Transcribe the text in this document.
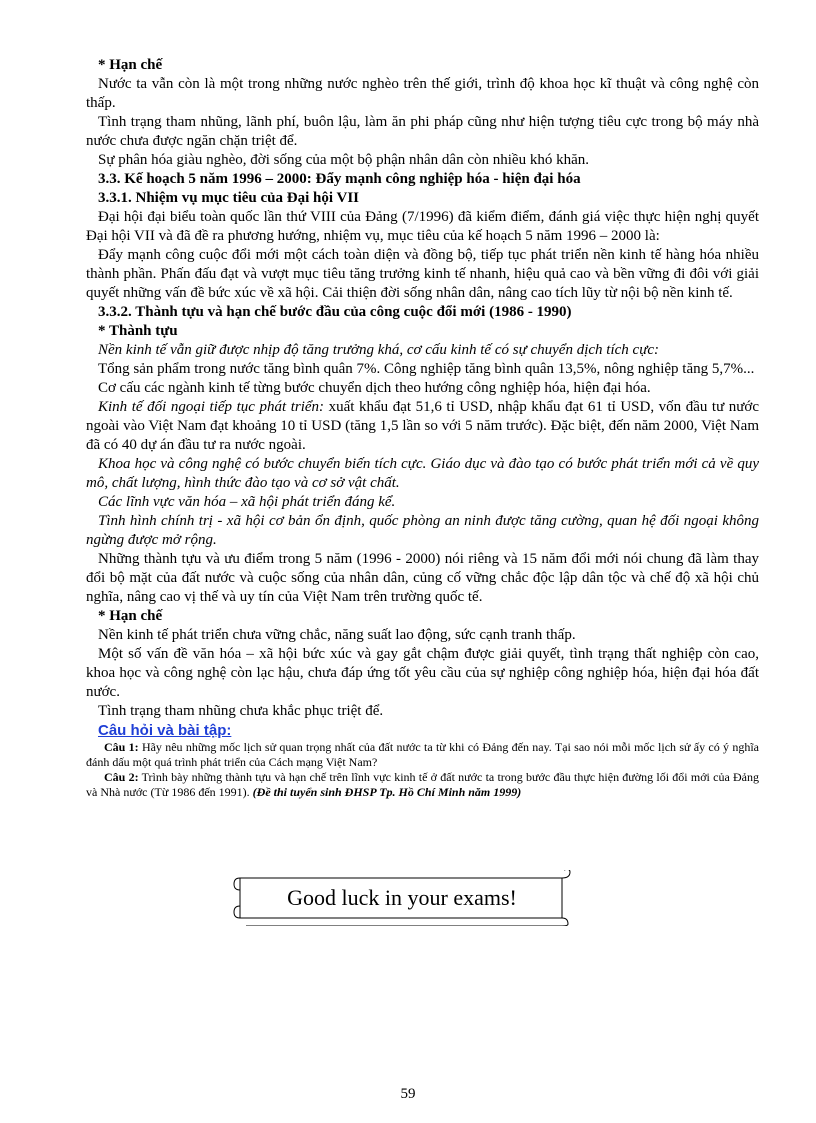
* Hạn chế

Nước ta vẫn còn là một trong những nước nghèo trên thế giới, trình độ khoa học kĩ thuật và công nghệ còn thấp.

Tình trạng tham nhũng, lãnh phí, buôn lậu, làm ăn phi pháp cũng như hiện tượng tiêu cực trong bộ máy nhà nước chưa được ngăn chặn triệt để.

Sự phân hóa giàu nghèo, đời sống của một bộ phận nhân dân còn nhiều khó khăn.

3.3. Kế hoạch 5 năm 1996 – 2000: Đẩy mạnh công nghiệp hóa - hiện đại hóa

3.3.1. Nhiệm vụ mục tiêu của Đại hội VII

Đại hội đại biểu toàn quốc lần thứ VIII của Đảng (7/1996) đã kiểm điểm, đánh giá việc thực hiện nghị quyết Đại hội VII và đã đề ra phương hướng, nhiệm vụ, mục tiêu của kế hoạch 5 năm 1996 – 2000 là:

Đẩy mạnh công cuộc đổi mới một cách toàn diện và đồng bộ, tiếp tục phát triển nền kinh tế hàng hóa nhiều thành phần. Phấn đấu đạt và vượt mục tiêu tăng trưởng kinh tế nhanh, hiệu quả cao và bền vững đi đôi với giải quyết những vấn đề bức xúc về xã hội. Cải thiện đời sống nhân dân, nâng cao tích lũy từ nội bộ nền kinh tế.

3.3.2. Thành tựu và hạn chế bước đầu của công cuộc đổi mới (1986 - 1990)

* Thành tựu

Nền kinh tế vẫn giữ được nhịp độ tăng trưởng khá, cơ cấu kinh tế có sự chuyển dịch tích cực:

Tổng sản phẩm trong nước tăng bình quân 7%. Công nghiệp tăng bình quân 13,5%, nông nghiệp tăng 5,7%...

Cơ cấu các ngành kinh tế từng bước chuyển dịch theo hướng công nghiệp hóa, hiện đại hóa.

Kinh tế đối ngoại tiếp tục phát triển: xuất khẩu đạt 51,6 tỉ USD, nhập khẩu đạt 61 tỉ USD, vốn đầu tư nước ngoài vào Việt Nam đạt khoảng 10 tỉ USD (tăng 1,5 lần so với 5 năm trước). Đặc biệt, đến năm 2000, Việt Nam đã có 40 dự án đầu tư ra nước ngoài.

Khoa học và công nghệ có bước chuyển biến tích cực. Giáo dục và đào tạo có bước phát triển mới cả về quy mô, chất lượng, hình thức đào tạo và cơ sở vật chất.

Các lĩnh vực văn hóa – xã hội phát triển đáng kể.

Tình hình chính trị - xã hội cơ bản ổn định, quốc phòng an ninh được tăng cường, quan hệ đối ngoại không ngừng được mở rộng.

Những thành tựu và ưu điểm trong 5 năm (1996 - 2000) nói riêng và 15 năm đổi mới nói chung đã làm thay đổi bộ mặt của đất nước và cuộc sống của nhân dân, củng cố vững chắc độc lập dân tộc và chế độ xã hội chủ nghĩa, nâng cao vị thế và uy tín của Việt Nam trên trường quốc tế.

* Hạn chế

Nền kinh tế phát triển chưa vững chắc, năng suất lao động, sức cạnh tranh thấp.

Một số vấn đề văn hóa – xã hội bức xúc và gay gắt chậm được giải quyết, tình trạng thất nghiệp còn cao, khoa học và công nghệ còn lạc hậu, chưa đáp ứng tốt yêu cầu của sự nghiệp công nghiệp hóa, hiện đại hóa đất nước.

Tình trạng tham nhũng chưa khắc phục triệt để.

Câu hỏi và bài tập:

Câu 1: Hãy nêu những mốc lịch sử quan trọng nhất của đất nước ta từ khi có Đảng đến nay. Tại sao nói mỗi mốc lịch sử ấy có ý nghĩa đánh dấu một quá trình phát triển của Cách mạng Việt Nam?

Câu 2: Trình bày những thành tựu và hạn chế trên lĩnh vực kinh tế ở đất nước ta trong bước đầu thực hiện đường lối đổi mới của Đảng và Nhà nước (Từ 1986 đến 1991). (Đề thi tuyển sinh ĐHSP Tp. Hồ Chí Minh năm 1999)

Good luck in your exams!
59
